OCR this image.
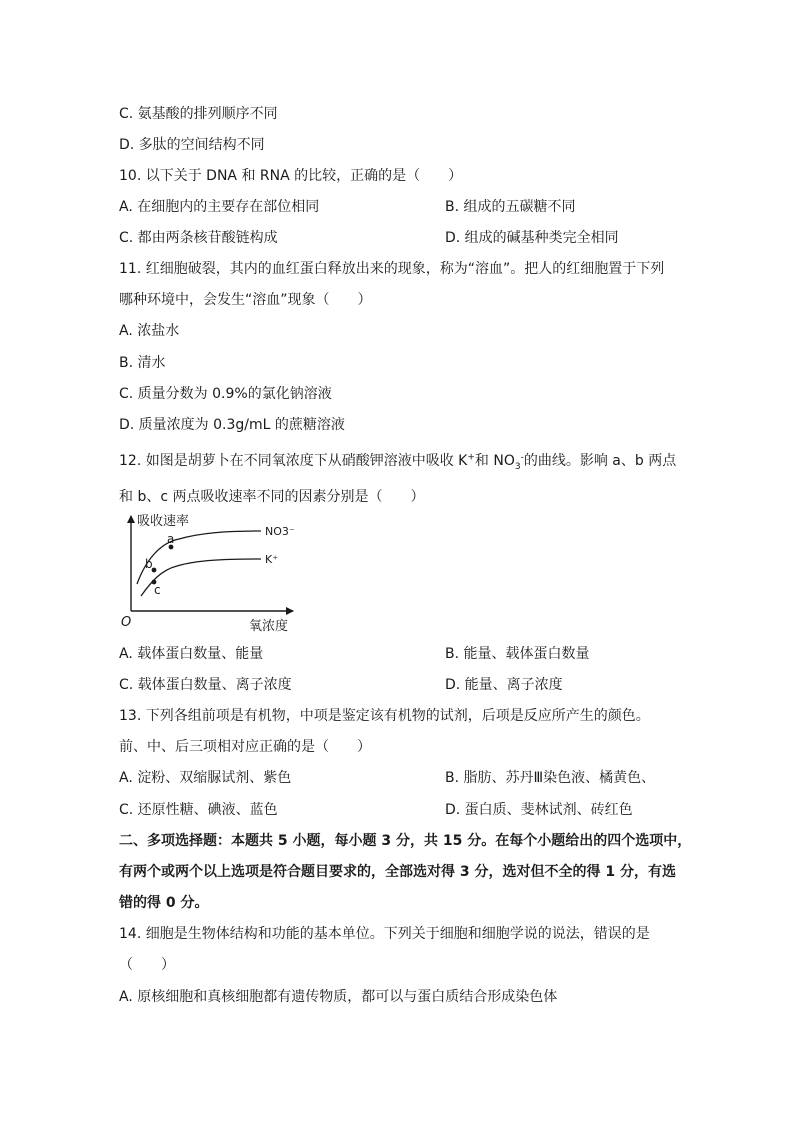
C. 氨基酸的排列顺序不同
D. 多肽的空间结构不同
10. 以下关于 DNA 和 RNA 的比较，正确的是（　　）
A. 在细胞内的主要存在部位相同	B. 组成的五碳糖不同
C. 都由两条核苷酸链构成	D. 组成的碱基种类完全相同
11. 红细胞破裂，其内的血红蛋白释放出来的现象，称为“溶血”。把人的红细胞置于下列
哪种环境中，会发生“溶血”现象（　　）
A. 浓盐水
B. 清水
C. 质量分数为 0.9%的氯化钠溶液
D. 质量浓度为 0.3g/mL 的蔗糖溶液
12. 如图是胡萝卜在不同氧浓度下从硝酸钾溶液中吸收 K+和 $NO_3^-$的曲线。影响 a、b 两点
和 b、c 两点吸收速率不同的因素分别是（　　）
吸收速率
氧浓度
O
NO3⁻
K⁺
a
b
c
A. 载体蛋白数量、能量	B. 能量、载体蛋白数量
C. 载体蛋白数量、离子浓度	D. 能量、离子浓度
13. 下列各组前项是有机物，中项是鉴定该有机物的试剂，后项是反应所产生的颜色。
前、中、后三项相对应正确的是（　　）
A. 淀粉、双缩脲试剂、紫色	B. 脂肪、苏丹Ⅲ染色液、橘黄色、
C. 还原性糖、碘液、蓝色	D. 蛋白质、斐林试剂、砖红色
二、多项选择题：本题共 5 小题，每小题 3 分，共 15 分。在每个小题给出的四个选项中，
有两个或两个以上选项是符合题目要求的，全部选对得 3 分，选对但不全的得 1 分，有选
错的得 0 分。
14. 细胞是生物体结构和功能的基本单位。下列关于细胞和细胞学说的说法，错误的是
（　　）
A. 原核细胞和真核细胞都有遗传物质，都可以与蛋白质结合形成染色体
